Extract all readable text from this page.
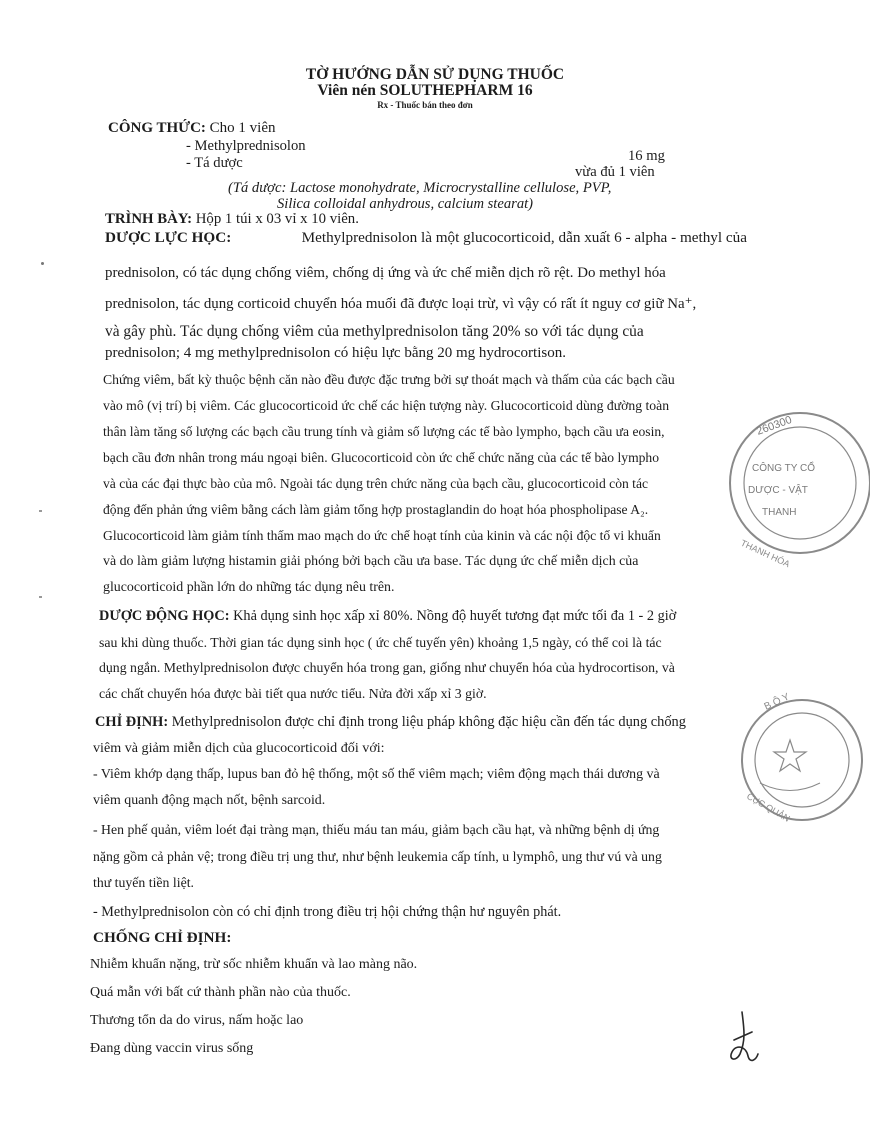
TỜ HƯỚNG DẪN SỬ DỤNG THUỐC
Viên nén SOLUTHEPHARM 16
Rx - Thuốc bán theo đơn
CÔNG THỨC: Cho 1 viên
- Methylprednisolon
16 mg
- Tá dược
vừa đủ 1 viên
(Tá dược: Lactose monohydrate, Microcrystalline cellulose, PVP,
Silica colloidal anhydrous, calcium stearat)
TRÌNH BÀY: Hộp 1 túi x 03 vỉ x 10 viên.
DƯỢC LỰC HỌC:	Methylprednisolon là một glucocorticoid, dẫn xuất 6 - alpha - methyl của
prednisolon, có tác dụng chống viêm, chống dị ứng và ức chế miễn dịch rõ rệt. Do methyl hóa
prednisolon, tác dụng corticoid chuyển hóa muối đã được loại trừ, vì vậy có rất ít nguy cơ giữ Na⁺,
và gây phù. Tác dụng chống viêm của methylprednisolon tăng 20% so với tác dụng của
prednisolon; 4 mg methylprednisolon có hiệu lực bằng 20 mg hydrocortison.
Chứng viêm, bất kỳ thuộc bệnh căn nào đều được đặc trưng bởi sự thoát mạch và thấm của các bạch cầu
vào mô (vị trí) bị viêm. Các glucocorticoid ức chế các hiện tượng này. Glucocorticoid dùng đường toàn
thân làm tăng số lượng các bạch cầu trung tính và giảm số lượng các tế bào lympho, bạch cầu ưa eosin,
bạch cầu đơn nhân trong máu ngoại biên. Glucocorticoid còn ức chế chức năng của các tế bào lympho
và của các đại thực bào của mô. Ngoài tác dụng trên chức năng của bạch cầu, glucocorticoid còn tác
động đến phản ứng viêm bằng cách làm giảm tổng hợp prostaglandin do hoạt hóa phospholipase A₂.
Glucocorticoid làm giảm tính thấm mao mạch do ức chế hoạt tính của kinin và các nội độc tố vi khuẩn
và do làm giảm lượng histamin giải phóng bởi bạch cầu ưa base. Tác dụng ức chế miễn dịch của
glucocorticoid phần lớn do những tác dụng nêu trên.
DƯỢC ĐỘNG HỌC: Khả dụng sinh học xấp xỉ 80%. Nồng độ huyết tương đạt mức tối đa 1 - 2 giờ
sau khi dùng thuốc. Thời gian tác dụng sinh học ( ức chế tuyến yên) khoảng 1,5 ngày, có thể coi là tác
dụng ngắn. Methylprednisolon được chuyển hóa trong gan, giống như chuyển hóa của hydrocortison, và
các chất chuyển hóa được bài tiết qua nước tiểu. Nửa đời xấp xỉ 3 giờ.
CHỈ ĐỊNH: Methylprednisolon được chỉ định trong liệu pháp không đặc hiệu cần đến tác dụng chống
viêm và giảm miễn dịch của glucocorticoid đối với:
- Viêm khớp dạng thấp, lupus ban đỏ hệ thống, một số thể viêm mạch; viêm động mạch thái dương và
viêm quanh động mạch nốt, bệnh sarcoid.
- Hen phế quản, viêm loét đại tràng mạn, thiếu máu tan máu, giảm bạch cầu hạt, và những bệnh dị ứng
nặng gồm cả phản vệ; trong điều trị ung thư, như bệnh leukemia cấp tính, u lymphô, ung thư vú và ung
thư tuyến tiền liệt.
- Methylprednisolon còn có chỉ định trong điều trị hội chứng thận hư nguyên phát.
CHỐNG CHỈ ĐỊNH:
Nhiễm khuẩn nặng, trừ sốc nhiễm khuẩn và lao màng não.
Quá mẫn với bất cứ thành phần nào của thuốc.
Thương tổn da do virus, nấm hoặc lao
Đang dùng vaccin virus sống
260300
CÔNG TY CỔ
DƯỢC - VẬT
THANH
THANH HÓA
B Ộ Y
CỤC QUẢN
